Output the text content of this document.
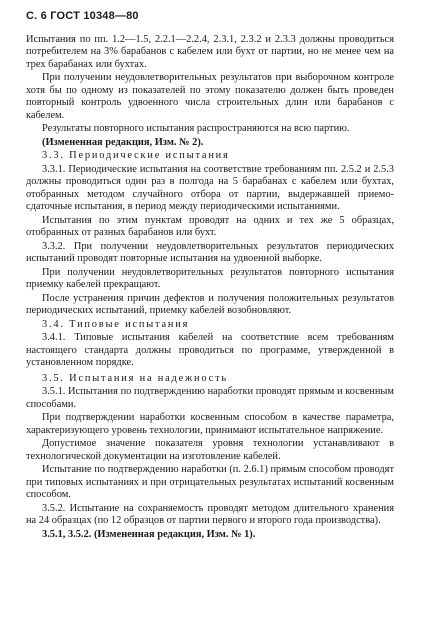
С. 6 ГОСТ 10348—80

Испытания по пп. 1.2—1.5, 2.2.1—2.2.4, 2.3.1, 2.3.2 и 2.3.3 должны проводиться потребителем на 3% барабанов с кабелем или бухт от партии, но не менее чем на трех барабанах или бухтах.

При получении неудовлетворительных результатов при выборочном контроле хотя бы по одному из показателей по этому показателю должен быть проведен повторный контроль удвоенного числа строительных длин или барабанов с кабелем.

Результаты повторного испытания распространяются на всю партию.

(Измененная редакция, Изм. № 2).

3.3. Периодические испытания

3.3.1. Периодические испытания на соответствие требованиям пп. 2.5.2 и 2.5.3 должны проводиться один раз в полгода на 5 барабанах с кабелем или бухтах, отобранных методом случайного отбора от партии, выдержавшей приемо-сдаточные испытания, в период между периодическими испытаниями.

Испытания по этим пунктам проводят на одних и тех же 5 образцах, отобранных от разных барабанов или бухт.

3.3.2. При получении неудовлетворительных результатов периодических испытаний проводят повторные испытания на удвоенной выборке.

При получении неудовлетворительных результатов повторного испытания приемку кабелей прекращают.

После устранения причин дефектов и получения положительных результатов периодических испытаний, приемку кабелей возобновляют.

3.4. Типовые испытания

3.4.1. Типовые испытания кабелей на соответствие всем требованиям настоящего стандарта должны проводиться по программе, утвержденной в установленном порядке.

3.5. Испытания на надежность

3.5.1. Испытания по подтверждению наработки проводят прямым и косвенным способами.

При подтверждении наработки косвенным способом в качестве параметра, характеризующего уровень технологии, принимают испытательное напряжение.

Допустимое значение показателя уровня технологии устанавливают в технологической документации на изготовление кабелей.

Испытание по подтверждению наработки (п. 2.6.1) прямым способом проводят при типовых испытаниях и при отрицательных результатах испытаний косвенным способом.

3.5.2. Испытание на сохраняемость проводят методом длительного хранения на 24 образцах (по 12 образцов от партии первого и второго года производства).

3.5.1, 3.5.2. (Измененная редакция, Изм. № 1).
